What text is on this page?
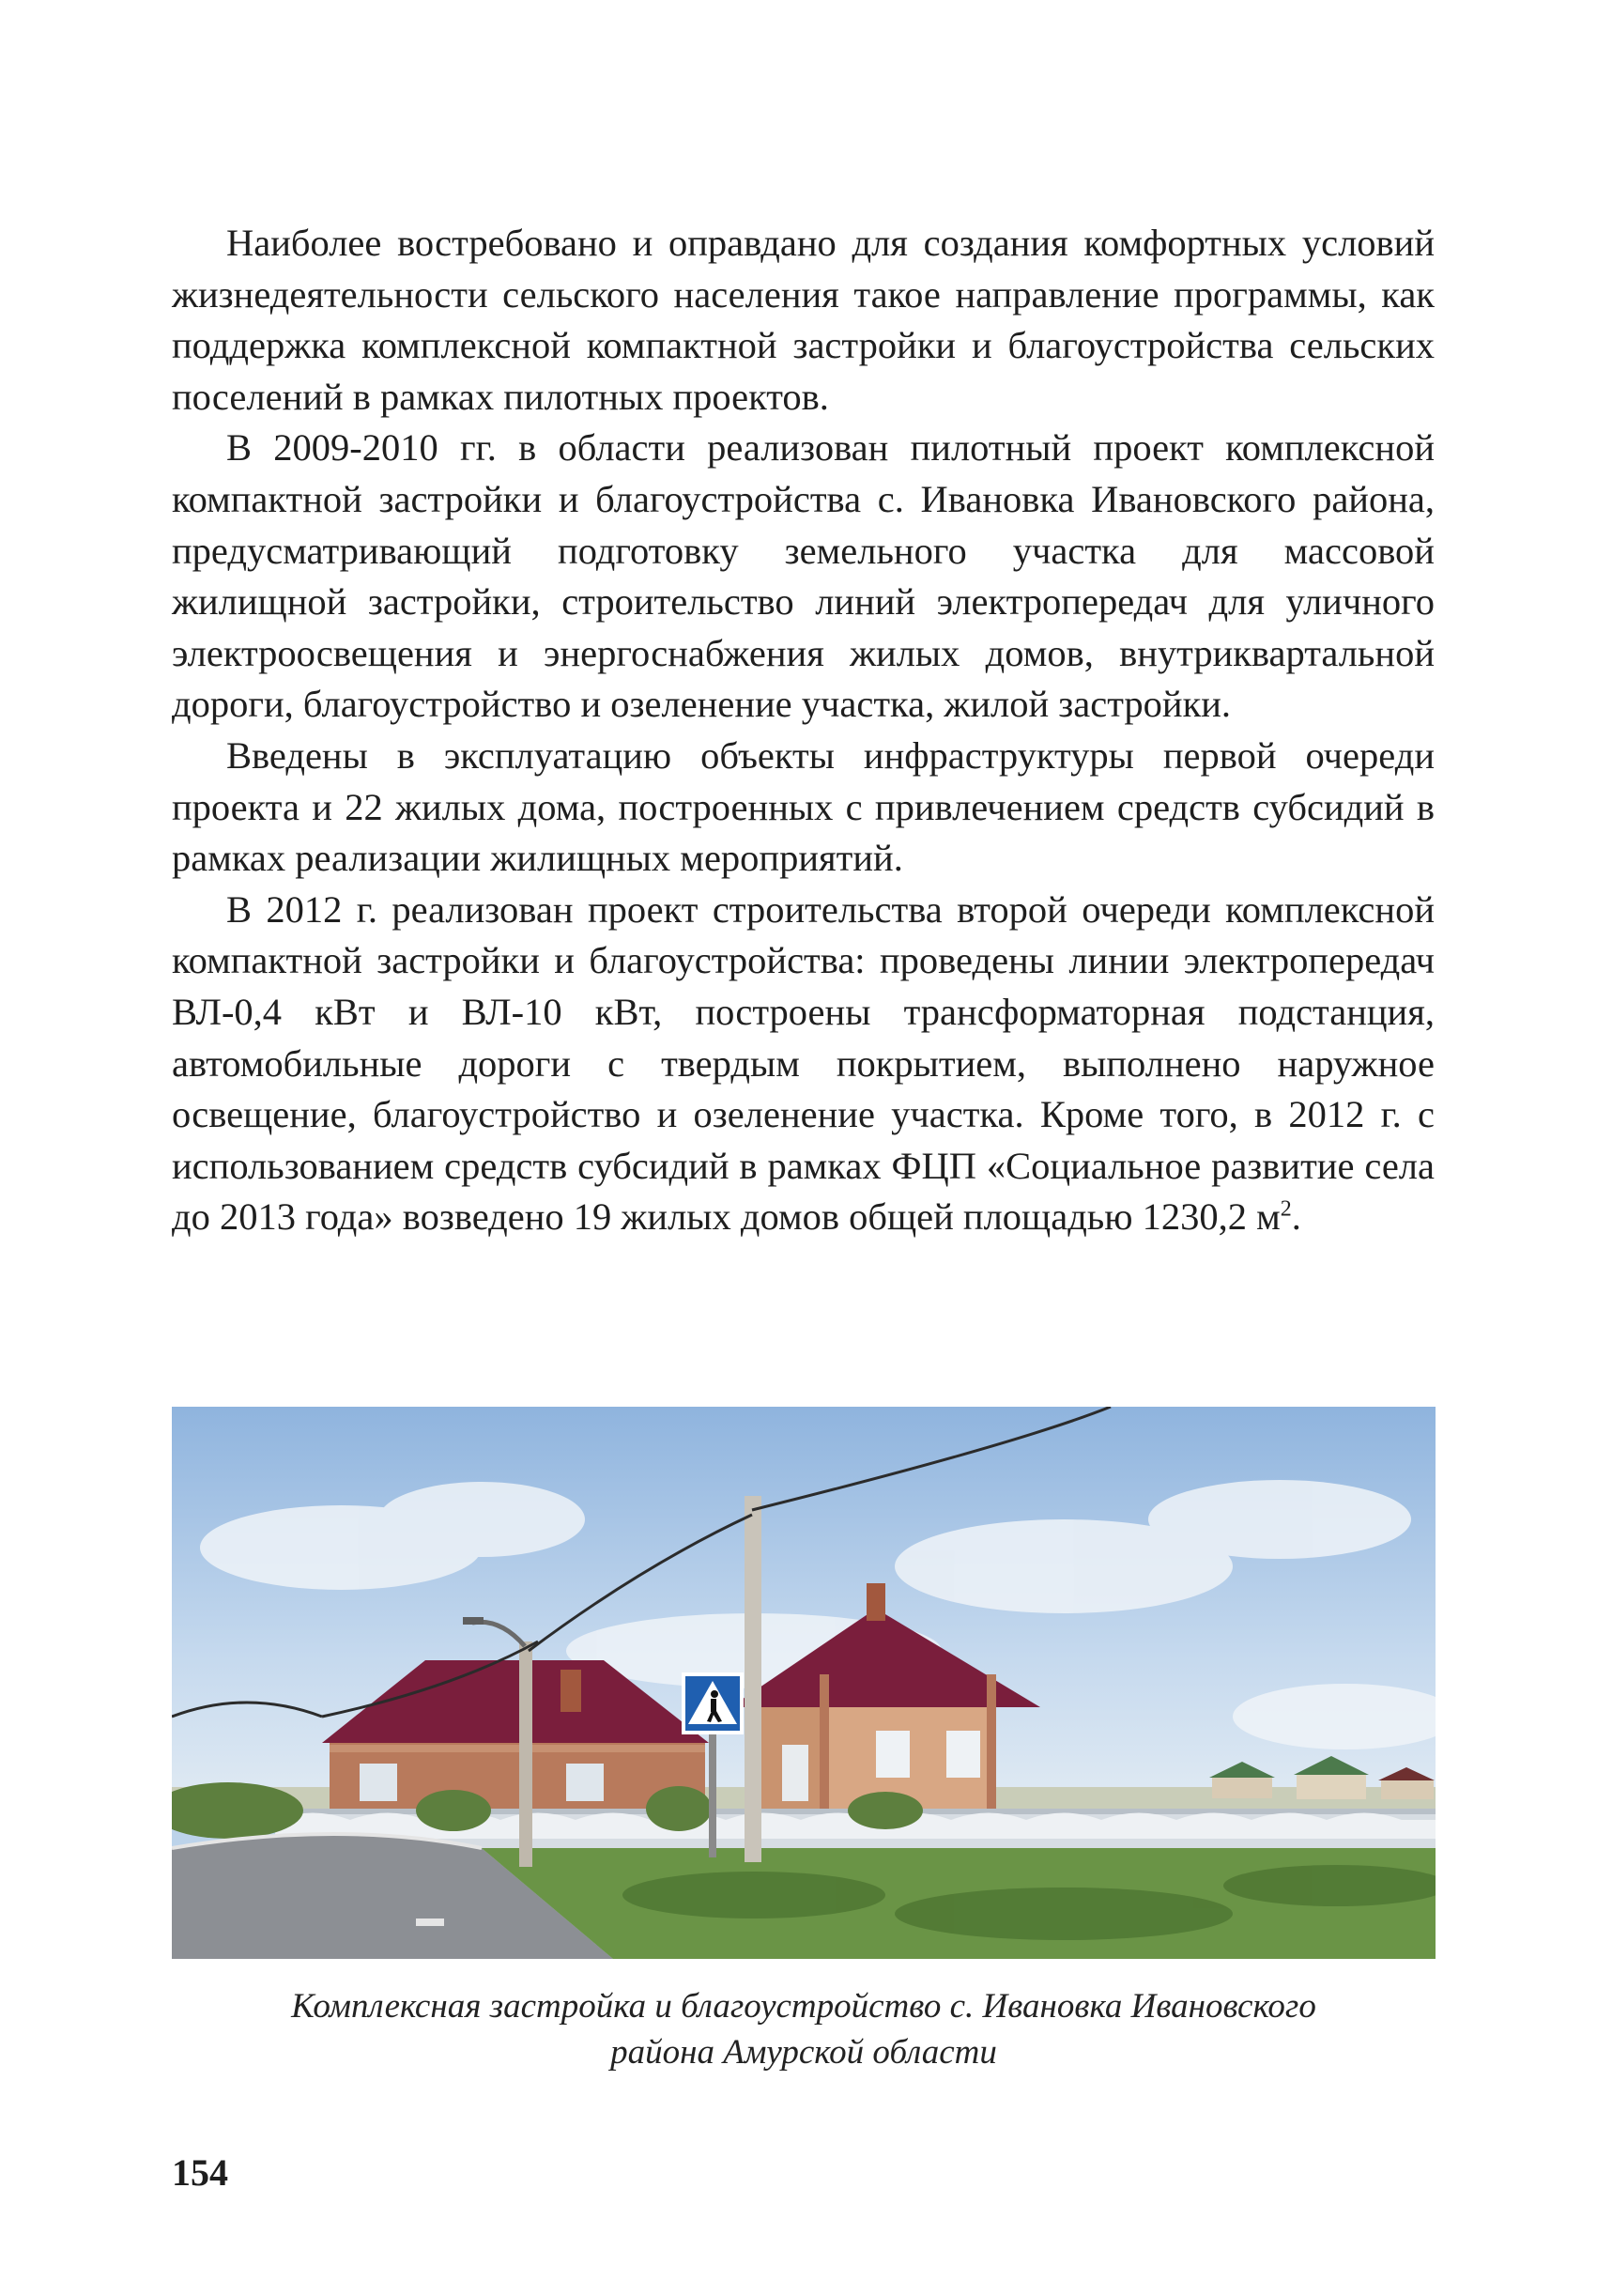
Наиболее востребовано и оправдано для создания комфортных условий жизнедеятельности сельского населения такое направление программы, как поддержка комплексной компактной застройки и благоустройства сельских поселений в рамках пилотных проектов.

В 2009-2010 гг. в области реализован пилотный проект комплексной компактной застройки и благоустройства с. Ивановка Ивановского района, предусматривающий подготовку земельного участка для массовой жилищной застройки, строительство линий электропередач для уличного электроосвещения и энергоснабжения жилых домов, внутриквартальной дороги, благоустройство и озеленение участка, жилой застройки.

Введены в эксплуатацию объекты инфраструктуры первой очереди проекта и 22 жилых дома, построенных с привлечением средств субсидий в рамках реализации жилищных мероприятий.

В 2012 г. реализован проект строительства второй очереди комплексной компактной застройки и благоустройства: проведены линии электропередач ВЛ-0,4 кВт и ВЛ-10 кВт, построены трансформаторная подстанция, автомобильные дороги с твердым покрытием, выполнено наружное освещение, благоустройство и озеленение участка. Кроме того, в 2012 г. с использованием средств субсидий в рамках ФЦП «Социальное развитие села до 2013 года» возведено 19 жилых домов общей площадью 1230,2 $м^2$.

Комплексная застройка и благоустройство с. Ивановка Ивановского
района Амурской области
154
